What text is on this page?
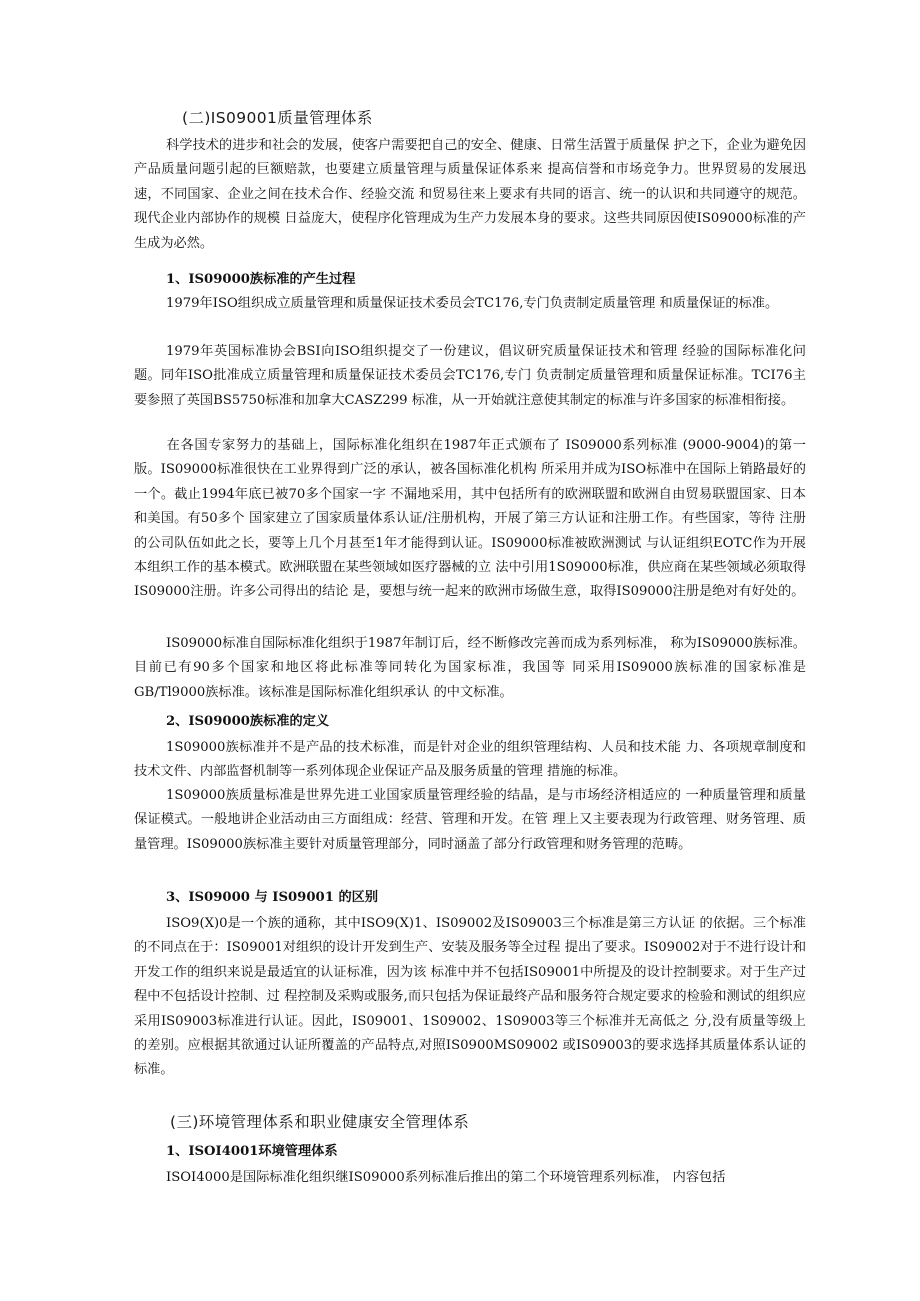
(二)IS09001质量管理体系
科学技术的进步和社会的发展，使客户需要把自己的安全、健康、日常生活置于质量保 护之下，企业为避免因产品质量问题引起的巨额赔款，也要建立质量管理与质量保证体系来 提高信誉和市场竞争力。世界贸易的发展迅速，不同国家、企业之间在技术合作、经验交流 和贸易往来上要求有共同的语言、统一的认识和共同遵守的规范。现代企业内部协作的规模 日益庞大，使程序化管理成为生产力发展本身的要求。这些共同原因使IS09000标准的产 生成为必然。
1、IS09000族标准的产生过程
1979年ISO组织成立质量管理和质量保证技术委员会TC176,专门负责制定质量管理 和质量保证的标准。
1979年英国标准协会BSI向ISO组织提交了一份建议，倡议研究质量保证技术和管理 经验的国际标准化问题。同年ISO批准成立质量管理和质量保证技术委员会TC176,专门 负责制定质量管理和质量保证标准。TCI76主要参照了英国BS5750标准和加拿大CASZ299 标准，从一开始就注意使其制定的标准与许多国家的标准相衔接。
在各国专家努力的基础上，国际标准化组织在1987年正式颁布了 IS09000系列标准 (9000-9004)的第一版。IS09000标准很快在工业界得到广泛的承认，被各国标准化机构 所采用并成为ISO标准中在国际上销路最好的一个。截止1994年底已被70多个国家一字 不漏地采用，其中包括所有的欧洲联盟和欧洲自由贸易联盟国家、日本和美国。有50多个 国家建立了国家质量体系认证/注册机构，开展了第三方认证和注册工作。有些国家，等待 注册的公司队伍如此之长，要等上几个月甚至1年才能得到认证。IS09000标准被欧洲测试 与认证组织EOTC作为开展本组织工作的基本模式。欧洲联盟在某些领域如医疗器械的立 法中引用1S09000标准，供应商在某些领域必须取得IS09000注册。许多公司得出的结论 是，要想与统一起来的欧洲市场做生意，取得IS09000注册是绝对有好处的。
IS09000标准自国际标准化组织于1987年制订后，经不断修改完善而成为系列标准， 称为IS09000族标准。目前已有90多个国家和地区将此标准等同转化为国家标准，我国等 同采用IS09000族标准的国家标准是GB/Tl9000族标准。该标准是国际标准化组织承认 的中文标准。
2、IS09000族标准的定义
1S09000族标准并不是产品的技术标准，而是针对企业的组织管理结构、人员和技术能 力、各项规章制度和技术文件、内部监督机制等一系列体现企业保证产品及服务质量的管理 措施的标准。
1S09000族质量标准是世界先进工业国家质量管理经验的结晶，是与市场经济相适应的 一种质量管理和质量保证模式。一般地讲企业活动由三方面组成：经营、管理和开发。在管 理上又主要表现为行政管理、财务管理、质量管理。IS09000族标准主要针对质量管理部分，同时涵盖了部分行政管理和财务管理的范畴。
3、IS09000 与 IS09001 的区别
ISO9(X)0是一个族的通称，其中ISO9(X)1、IS09002及IS09003三个标准是第三方认证 的依据。三个标准的不同点在于：IS09001对组织的设计开发到生产、安装及服务等全过程 提出了要求。IS09002对于不进行设计和开发工作的组织来说是最适宜的认证标准，因为该 标准中并不包括IS09001中所提及的设计控制要求。对于生产过程中不包括设计控制、过 程控制及采购或服务,而只包括为保证最终产品和服务符合规定要求的检验和测试的组织应 采用IS09003标准进行认证。因此，IS09001、1S09002、1S09003等三个标准并无高低之 分,没有质量等级上的差别。应根据其欲通过认证所覆盖的产品特点,对照IS0900MS09002 或IS09003的要求选择其质量体系认证的标准。
(三)环境管理体系和职业健康安全管理体系
1、ISOI4001环境管理体系
ISOI4000是国际标准化组织继IS09000系列标准后推出的第二个环境管理系列标准， 内容包括
